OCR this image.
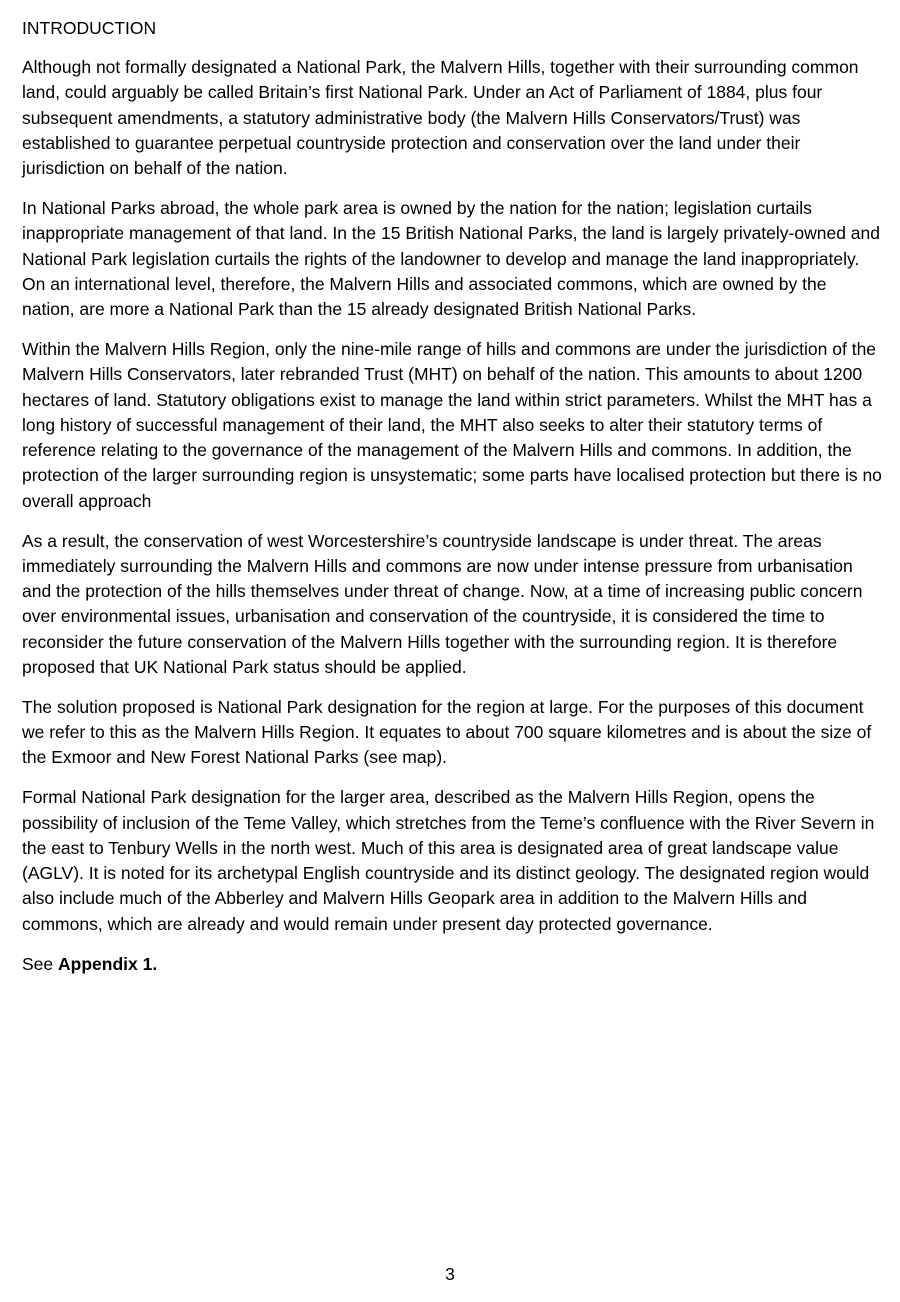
INTRODUCTION

Although not formally designated a National Park, the Malvern Hills, together with their surrounding common land, could arguably be called Britain’s first National Park. Under an Act of Parliament of 1884, plus four subsequent amendments, a statutory administrative body (the Malvern Hills Conservators/Trust) was established to guarantee perpetual countryside protection and conservation over the land under their jurisdiction on behalf of the nation.

In National Parks abroad, the whole park area is owned by the nation for the nation; legislation curtails inappropriate management of that land. In the 15 British National Parks, the land is largely privately-owned and National Park legislation curtails the rights of the landowner to develop and manage the land inappropriately. On an international level, therefore, the Malvern Hills and associated commons, which are owned by the nation, are more a National Park than the 15 already designated British National Parks.

Within the Malvern Hills Region, only the nine-mile range of hills and commons are under the jurisdiction of the Malvern Hills Conservators, later rebranded Trust (MHT) on behalf of the nation. This amounts to about 1200 hectares of land. Statutory obligations exist to manage the land within strict parameters. Whilst the MHT has a long history of successful management of their land, the MHT also seeks to alter their statutory terms of reference relating to the governance of the management of the Malvern Hills and commons. In addition, the protection of the larger surrounding region is unsystematic; some parts have localised protection but there is no overall approach

As a result, the conservation of west Worcestershire’s countryside landscape is under threat. The areas immediately surrounding the Malvern Hills and commons are now under intense pressure from urbanisation and the protection of the hills themselves under threat of change. Now, at a time of increasing public concern over environmental issues, urbanisation and conservation of the countryside, it is considered the time to reconsider the future conservation of the Malvern Hills together with the surrounding region. It is therefore proposed that UK National Park status should be applied.

The solution proposed is National Park designation for the region at large. For the purposes of this document we refer to this as the Malvern Hills Region. It equates to about 700 square kilometres and is about the size of the Exmoor and New Forest National Parks (see map).

Formal National Park designation for the larger area, described as the Malvern Hills Region, opens the possibility of inclusion of the Teme Valley, which stretches from the Teme’s confluence with the River Severn in the east to Tenbury Wells in the north west. Much of this area is designated area of great landscape value (AGLV). It is noted for its archetypal English countryside and its distinct geology. The designated region would also include much of the Abberley and Malvern Hills Geopark area in addition to the Malvern Hills and commons, which are already and would remain under present day protected governance.

See Appendix 1.

3
